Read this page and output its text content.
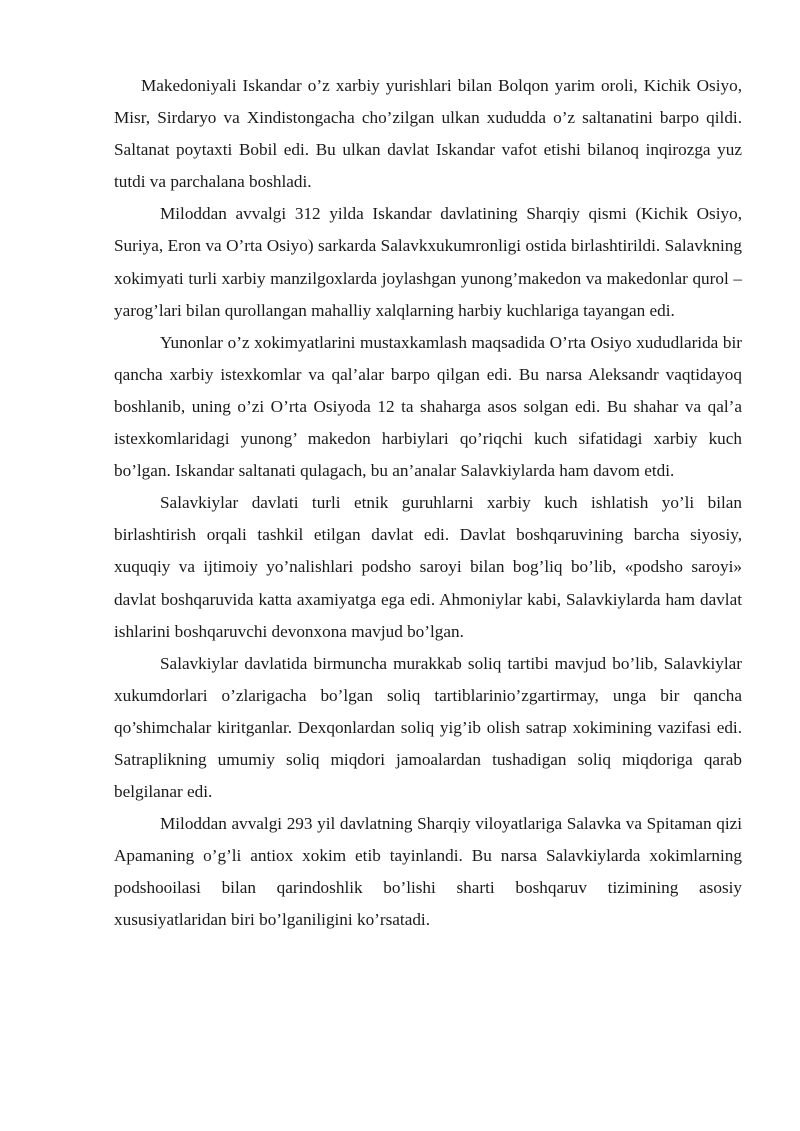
Makedoniyali Iskandar o’z xarbiy yurishlari bilan Bolqon yarim oroli, Kichik Osiyo, Misr, Sirdaryo va Xindistongacha cho’zilgan ulkan xududda o’z saltanatini barpo qildi. Saltanat poytaxti Bobil edi. Bu ulkan davlat Iskandar vafot etishi bilanoq inqirozga yuz tutdi va parchalana boshladi.

Miloddan avvalgi 312 yilda Iskandar davlatining Sharqiy qismi (Kichik Osiyo, Suriya, Eron va O’rta Osiyo) sarkarda Salavkxukumronligi ostida birlashtirildi. Salavkning xokimyati turli xarbiy manzilgoxlarda joylashgan yunong’makedon va makedonlar qurol – yarog’lari bilan qurollangan mahalliy xalqlarning harbiy kuchlariga tayangan edi.

Yunonlar o’z xokimyatlarini mustaxkamlash maqsadida O’rta Osiyo xududlarida bir qancha xarbiy istexkomlar va qal’alar barpo qilgan edi. Bu narsa Aleksandr vaqtidayoq boshlanib, uning o’zi O’rta Osiyoda 12 ta shaharga asos solgan edi. Bu shahar va qal’a istexkomlaridagi yunong’ makedon harbiylari qo’riqchi kuch sifatidagi xarbiy kuch bo’lgan. Iskandar saltanati qulagach, bu an’analar Salavkiylarda ham davom etdi.

Salavkiylar davlati turli etnik guruhlarni xarbiy kuch ishlatish yo’li bilan birlashtirish orqali tashkil etilgan davlat edi. Davlat boshqaruvining barcha siyosiy, xuquqiy va ijtimoiy yo’nalishlari podsho saroyi bilan bog’liq bo’lib, «podsho saroyi» davlat boshqaruvida katta axamiyatga ega edi. Ahmoniylar kabi, Salavkiylarda ham davlat ishlarini boshqaruvchi devonxona mavjud bo’lgan.

Salavkiylar davlatida birmuncha murakkab soliq tartibi mavjud bo’lib, Salavkiylar xukumdorlari o’zlarigacha bo’lgan soliq tartiblarinio’zgartirmay, unga bir qancha qo’shimchalar kiritganlar. Dexqonlardan soliq yig’ib olish satrap xokimining vazifasi edi. Satraplikning umumiy soliq miqdori jamoalardan tushadigan soliq miqdoriga qarab belgilanar edi.

Miloddan avvalgi 293 yil davlatning Sharqiy viloyatlariga Salavka va Spitaman qizi Apamaning o’g’li antiox xokim etib tayinlandi. Bu narsa Salavkiylarda xokimlarning podshooilasi bilan qarindoshlik bo’lishi sharti boshqaruv tizimining asosiy xususiyatlaridan biri bo’lganiligini ko’rsatadi.
